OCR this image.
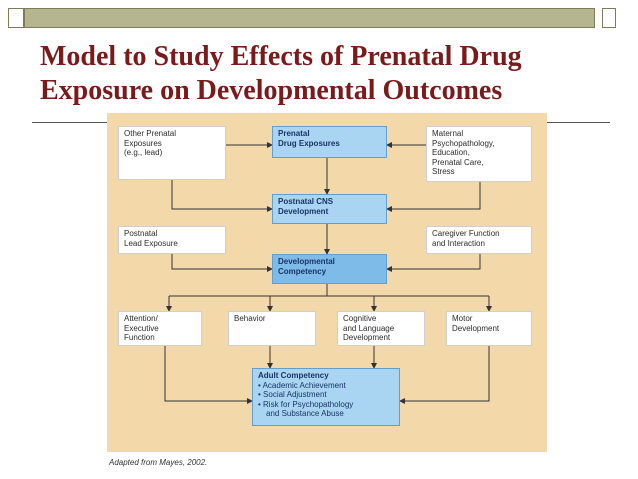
Model to Study Effects of Prenatal Drug
Exposure on Developmental Outcomes
Other Prenatal
Exposures
(e.g., lead)
Prenatal
Drug Exposures
Maternal
Psychopathology,
Education,
Prenatal Care,
Stress
Postnatal CNS
Development
Postnatal
Lead Exposure
Caregiver Function
and Interaction
Developmental
Competency
Attention/
Executive
Function
Behavior	Cognitive
and Language
Development
Motor
Development
Adult Competency
• Academic Achievement
• Social Adjustment
• Risk for Psychopathology
and Substance Abuse
Adapted from Mayes, 2002.
